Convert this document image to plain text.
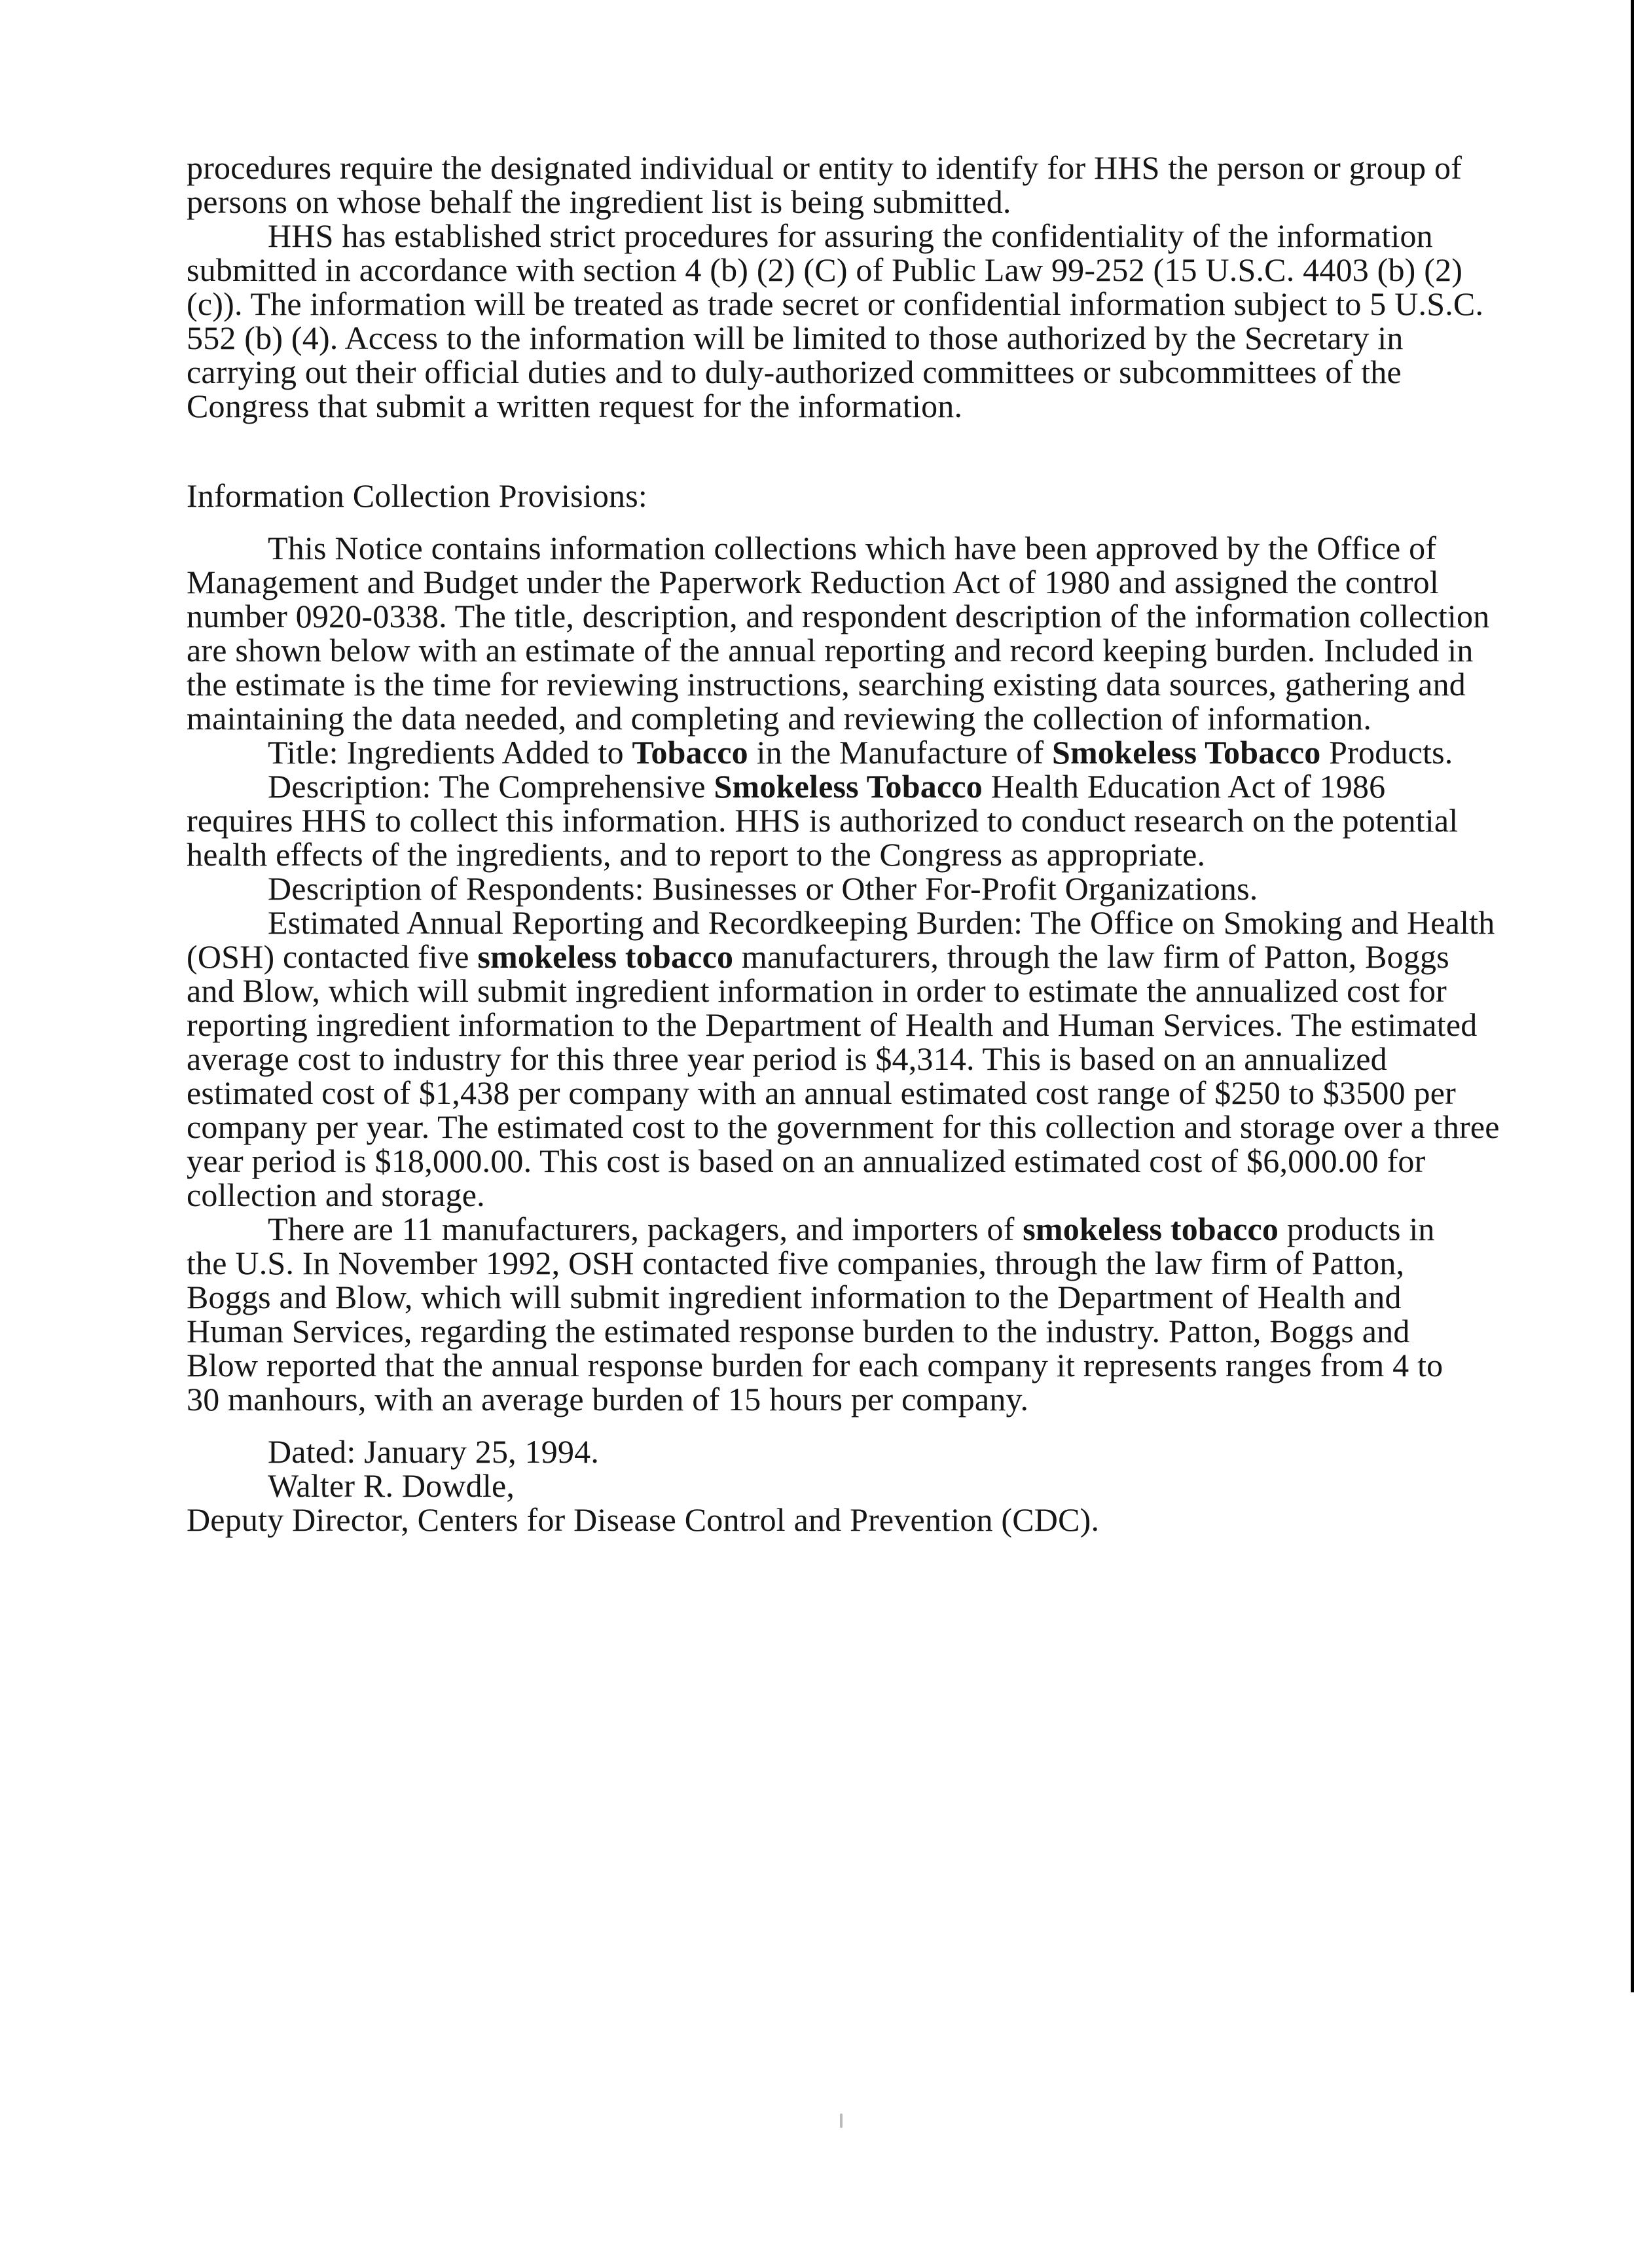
procedures require the designated individual or entity to identify for HHS the person or group of
persons on whose behalf the ingredient list is being submitted.
HHS has established strict procedures for assuring the confidentiality of the information
submitted in accordance with section 4 (b) (2) (C) of Public Law 99-252 (15 U.S.C. 4403 (b) (2)
(c)). The information will be treated as trade secret or confidential information subject to 5 U.S.C.
552 (b) (4). Access to the information will be limited to those authorized by the Secretary in
carrying out their official duties and to duly-authorized committees or subcommittees of the
Congress that submit a written request for the information.
Information Collection Provisions:
This Notice contains information collections which have been approved by the Office of
Management and Budget under the Paperwork Reduction Act of 1980 and assigned the control
number 0920-0338. The title, description, and respondent description of the information collection
are shown below with an estimate of the annual reporting and record keeping burden. Included in
the estimate is the time for reviewing instructions, searching existing data sources, gathering and
maintaining the data needed, and completing and reviewing the collection of information.
Title: Ingredients Added to Tobacco in the Manufacture of Smokeless Tobacco Products.
Description: The Comprehensive Smokeless Tobacco Health Education Act of 1986
requires HHS to collect this information. HHS is authorized to conduct research on the potential
health effects of the ingredients, and to report to the Congress as appropriate.
Description of Respondents: Businesses or Other For-Profit Organizations.
Estimated Annual Reporting and Recordkeeping Burden: The Office on Smoking and Health
(OSH) contacted five smokeless tobacco manufacturers, through the law firm of Patton, Boggs
and Blow, which will submit ingredient information in order to estimate the annualized cost for
reporting ingredient information to the Department of Health and Human Services. The estimated
average cost to industry for this three year period is $4,314. This is based on an annualized
estimated cost of $1,438 per company with an annual estimated cost range of $250 to $3500 per
company per year. The estimated cost to the government for this collection and storage over a three
year period is $18,000.00. This cost is based on an annualized estimated cost of $6,000.00 for
collection and storage.
There are 11 manufacturers, packagers, and importers of smokeless tobacco products in
the U.S. In November 1992, OSH contacted five companies, through the law firm of Patton,
Boggs and Blow, which will submit ingredient information to the Department of Health and
Human Services, regarding the estimated response burden to the industry. Patton, Boggs and
Blow reported that the annual response burden for each company it represents ranges from 4 to
30 manhours, with an average burden of 15 hours per company.
Dated: January 25, 1994.
Walter R. Dowdle,
Deputy Director, Centers for Disease Control and Prevention (CDC).
